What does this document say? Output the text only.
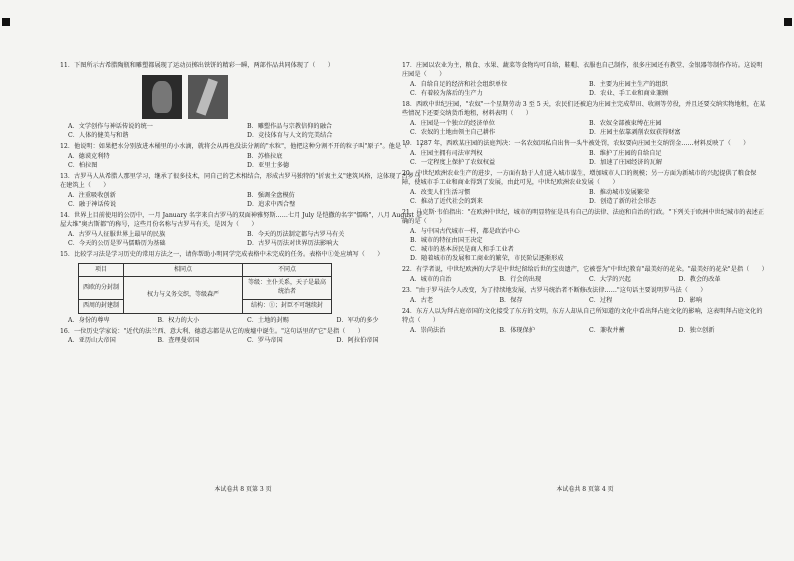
11．下图所示古希腊陶瓶和雕塑都展现了运动员掷出铁饼的精彩一瞬，两部作品共同体现了（　　）
A．文学创作与神话传说的统一	B．雕塑作品与宗教信仰的融合
C．人体的健美与和谐	D．竞技体育与人文的完美结合
12．他说明：如果把水分别放进木桶里的小水滴，就将会从再也没法分割的"水粒"，他把这种分割不开的粒子叫"原子"。他是（　　）
A．德谟克利特	B．苏格拉底
C．柏拉图	D．亚里士多德
13．古罗马人从希腊人那里学习，继承了很多技术，同自己的艺术相结合，形成古罗马独特的"折衷主义"建筑风格，这体现了古罗马在建筑上（　　）
A．注重吸收创新	B．强调全盘模仿
C．融于神话传说	D．追求中西合璧
14．世界上目前使用的公历中，一月 January 名字来自古罗马的双面神雅努斯……七月 July 是恺撒的名字"儒略"，八月 August 是屋大维"奥古斯都"的称号，这些月份名称与古罗马有关，是因为（　　）
A．古罗马人征服世界上最早的民族	B．今天的历法制定都与古罗马有关
C．今天的公历是罗马儒略历为基础	D．古罗马历法对世界历法影响大
15．比较学习法是学习历史的常用方法之一，请你帮助小明同学完成表格中未完成的任务。表格中①处应填写（　　）
项目	相同点	不同点
西欧的分封制	权力与义务交织，等级森严	等级：主仆关系，天子是最高统治者
西周的封建制		结构：①；封臣不可继续封
A．身份的尊卑	B．权力的大小	C．土地的封赐	D．军功的多少
16．一位历史学家说："近代的法兰西、意大利、德意志都是从它的废墟中诞生。"这句话里的"它"是指（　　）
A．亚历山大帝国	B．查理曼帝国	C．罗马帝国	D．阿拉伯帝国
17．庄园以农业为主，粮食、水果、蔬菜等食物均可自给，鞋帽、衣服也自己制作，很多庄园还有教堂、金银器等制作作坊。这说明庄园是（　　）
A．自给自足的经济和社会组织单位	B．主要为庄园主生产的组织
C．有着较为落后的生产力	D．农业、手工业和商业兼顾
18．西欧中世纪庄园，"农奴"一个星期劳动 3 至 5 天，农民们还被迫为庄园主完成犁田、收割等劳役，并且还要交纳实物地租，在某些情况下还要交纳货币地租，材料表明（　　）
A．庄园是一个独立的经济单位	B．农奴全部被束缚在庄园
C．农奴的土地由领主自己耕作	D．庄园主依靠剥削农奴获得财富
19．1287 年，西欧某庄园的法庭判决：一名农奴因私自出售一头牛被处罚，农奴要向庄园主交纳罚金……材料反映了（　　）
A．庄园主拥有司法审判权	B．维护了庄园的自给自足
C．一定程度上保护了农奴权益	D．加速了庄园经济的瓦解
20．中世纪欧洲农业生产的进步，一方面有助于人们进入城市谋生，增加城市人口的规模；另一方面为新城市的兴起提供了粮食保障，使城市手工业和商业得到了发展，由此可见，中世纪欧洲农业发展（　　）
A．改变人们生活习惯	B．推动城市发展繁荣
C．推动了近代社会的到来	D．创造了新的社会形态
21．马克斯·韦伯指出："在欧洲中世纪，城市的明显特征是具有自己的法律、法庭和自治的行政。"下列关于欧洲中世纪城市的表述正确的是（　　）
A．与中国古代城市一样，都是政治中心
B．城市的特征由国王决定
C．城市的基本居民是商人和手工业者
D．随着城市的发展和工商业的繁荣，市民阶层逐渐形成
22．有学者说，中世纪欧洲的大学是中世纪留给后世的宝贵遗产，它被誉为"中世纪教育"最美好的花朵。"最美好的花朵"是指（　　）
A．城市的自治	B．行会的出现	C．大学的兴起	D．教会的改革
23．"由于罗马法令人改变，为了持续地发展，古罗马统治者不断修改法律……"这句话主要说明罗马法（　　）
A．古老	B．保存	C．过程	D．影响
24．东方人以为拜占庭帝国的文化接受了东方的文明，东方人却从自己所知道的文化中看出拜占庭文化的影响，这表明拜占庭文化的特点（　　）
A．崇尚法治	B．体现保护	C．兼收并蓄	D．独立创新
本试卷共 8 页第 3 页	本试卷共 8 页第 4 页
